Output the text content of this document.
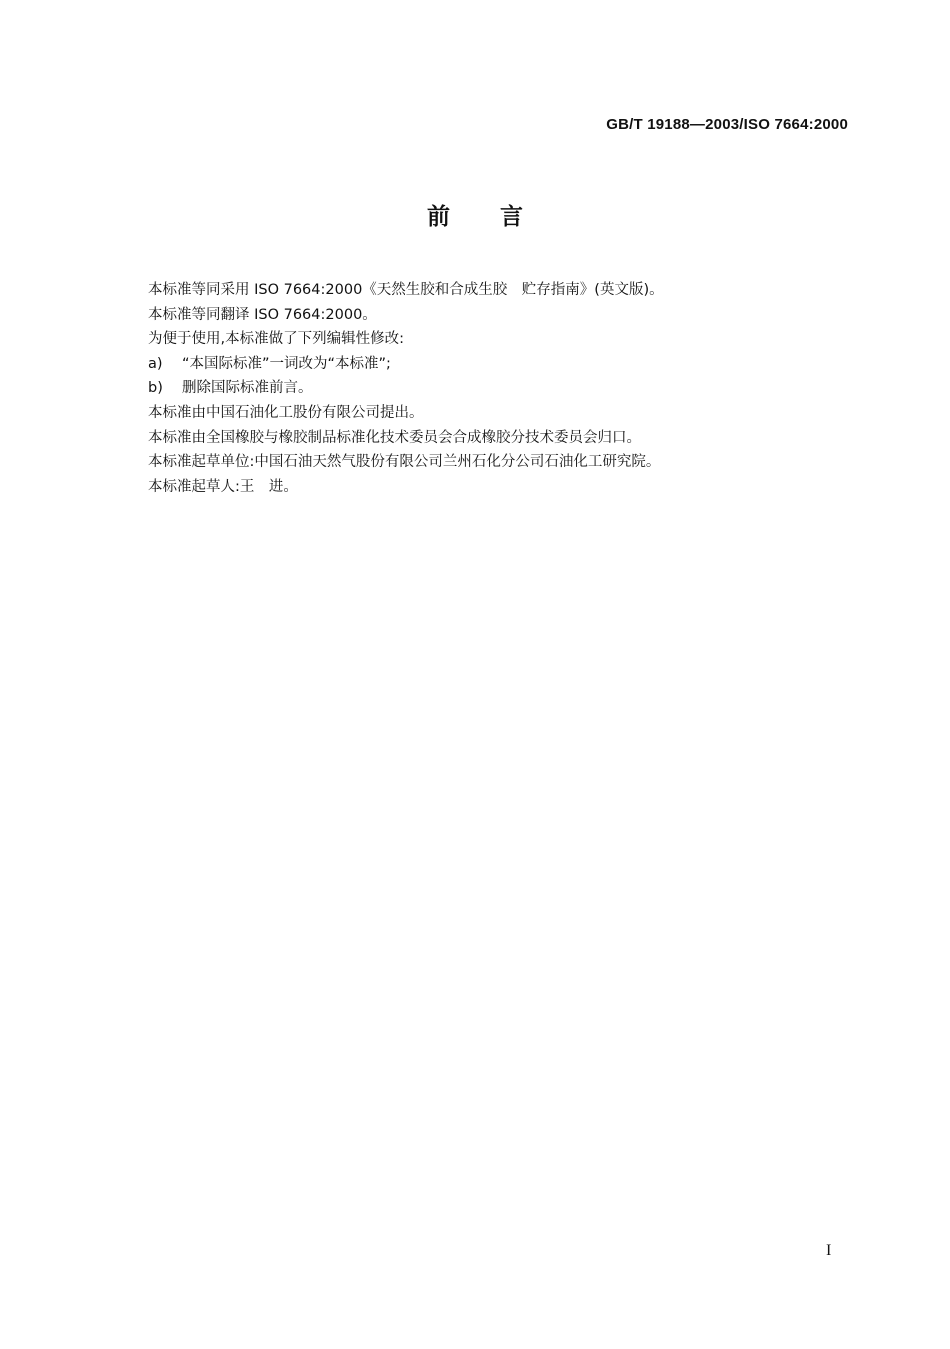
GB/T 19188—2003/ISO 7664:2000
前言
本标准等同采用 ISO 7664:2000《天然生胶和合成生胶　贮存指南》(英文版)。
本标准等同翻译 ISO 7664:2000。
为便于使用,本标准做了下列编辑性修改:
a) “本国际标准”一词改为“本标准”;
b) 删除国际标准前言。
本标准由中国石油化工股份有限公司提出。
本标准由全国橡胶与橡胶制品标准化技术委员会合成橡胶分技术委员会归口。
本标准起草单位:中国石油天然气股份有限公司兰州石化分公司石油化工研究院。
本标准起草人:王　进。
I
